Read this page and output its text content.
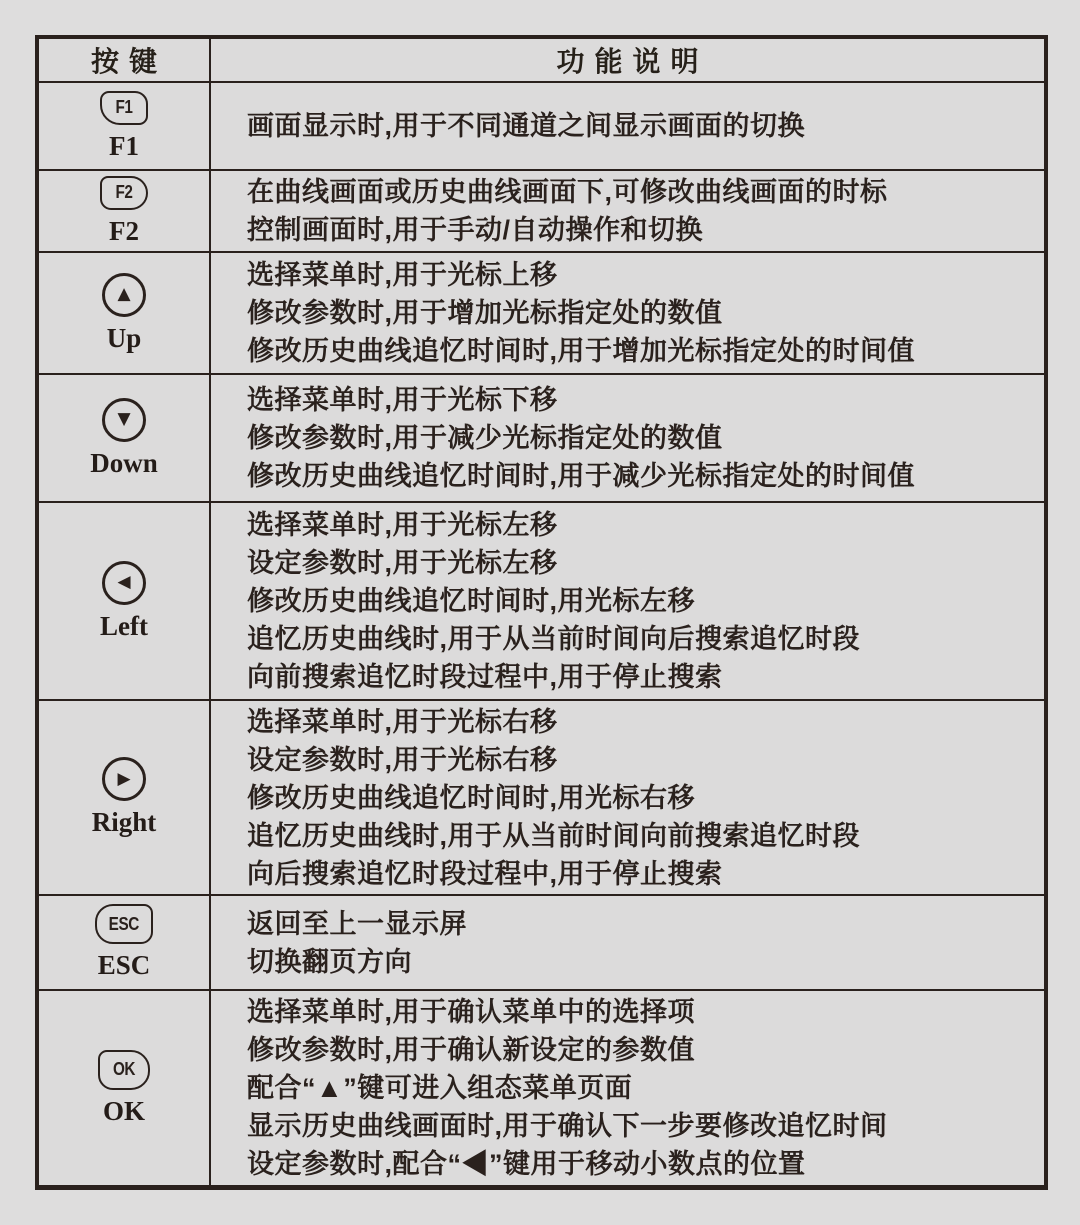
按键	功能说明
F1
F1
画面显示时,用于不同通道之间显示画面的切换
F2
F2
在曲线画面或历史曲线画面下,可修改曲线画面的时标
控制画面时,用于手动/自动操作和切换
▲
Up
选择菜单时,用于光标上移
修改参数时,用于增加光标指定处的数值
修改历史曲线追忆时间时,用于增加光标指定处的时间值
▼
Down
选择菜单时,用于光标下移
修改参数时,用于减少光标指定处的数值
修改历史曲线追忆时间时,用于减少光标指定处的时间值
◀
Left
选择菜单时,用于光标左移
设定参数时,用于光标左移
修改历史曲线追忆时间时,用光标左移
追忆历史曲线时,用于从当前时间向后搜索追忆时段
向前搜索追忆时段过程中,用于停止搜索
▶
Right
选择菜单时,用于光标右移
设定参数时,用于光标右移
修改历史曲线追忆时间时,用光标右移
追忆历史曲线时,用于从当前时间向前搜索追忆时段
向后搜索追忆时段过程中,用于停止搜索
ESC
ESC
返回至上一显示屏
切换翻页方向
OK
OK
选择菜单时,用于确认菜单中的选择项
修改参数时,用于确认新设定的参数值
配合“▲”键可进入组态菜单页面
显示历史曲线画面时,用于确认下一步要修改追忆时间
设定参数时,配合“◀”键用于移动小数点的位置
